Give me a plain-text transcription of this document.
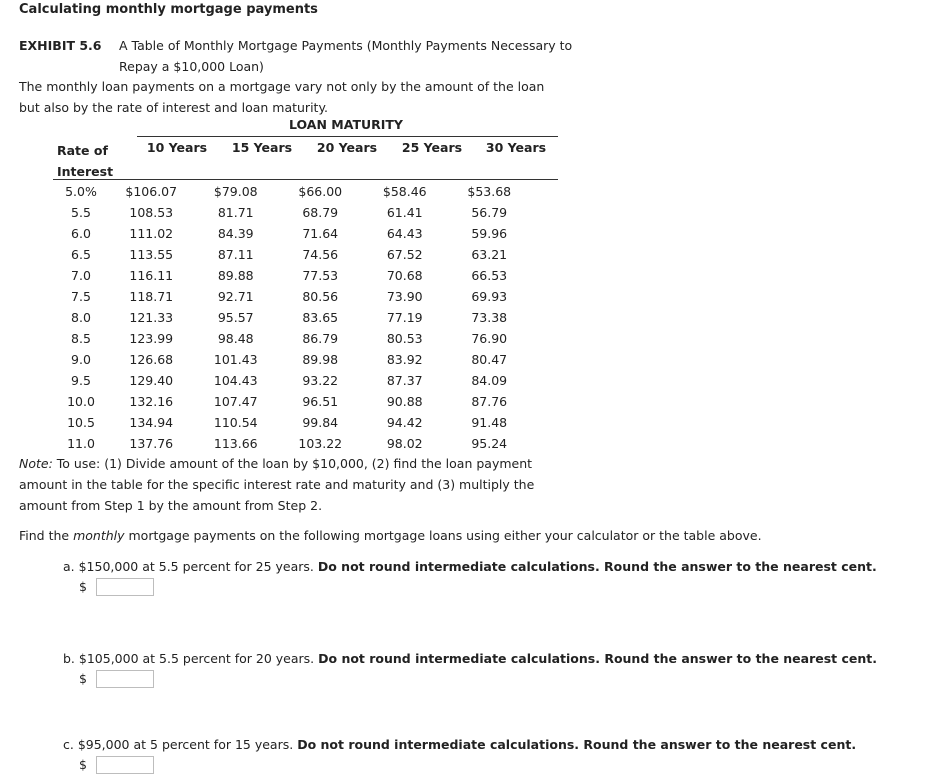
Calculating monthly mortgage payments
EXHIBIT 5.6 A Table of Monthly Mortgage Payments (Monthly Payments Necessary to
Repay a $10,000 Loan)
The monthly loan payments on a mortgage vary not only by the amount of the loan but also by the rate of interest and loan maturity.
LOAN MATURITY
Rate of
Interest
10 Years	15 Years	20 Years	25 Years	30 Years
5.0%	$106.07	$79.08	$66.00	$58.46	$53.68
5.5	108.53	81.71	68.79	61.41	56.79
6.0	111.02	84.39	71.64	64.43	59.96
6.5	113.55	87.11	74.56	67.52	63.21
7.0	116.11	89.88	77.53	70.68	66.53
7.5	118.71	92.71	80.56	73.90	69.93
8.0	121.33	95.57	83.65	77.19	73.38
8.5	123.99	98.48	86.79	80.53	76.90
9.0	126.68	101.43	89.98	83.92	80.47
9.5	129.40	104.43	93.22	87.37	84.09
10.0	132.16	107.47	96.51	90.88	87.76
10.5	134.94	110.54	99.84	94.42	91.48
11.0	137.76	113.66	103.22	98.02	95.24
Note: To use: (1) Divide amount of the loan by $10,000, (2) find the loan payment amount in the table for the specific interest rate and maturity and (3) multiply the amount from Step 1 by the amount from Step 2.
Find the monthly mortgage payments on the following mortgage loans using either your calculator or the table above.
a. $150,000 at 5.5 percent for 25 years. Do not round intermediate calculations. Round the answer to the nearest cent.
$
b. $105,000 at 5.5 percent for 20 years. Do not round intermediate calculations. Round the answer to the nearest cent.
$
c. $95,000 at 5 percent for 15 years. Do not round intermediate calculations. Round the answer to the nearest cent.
$
